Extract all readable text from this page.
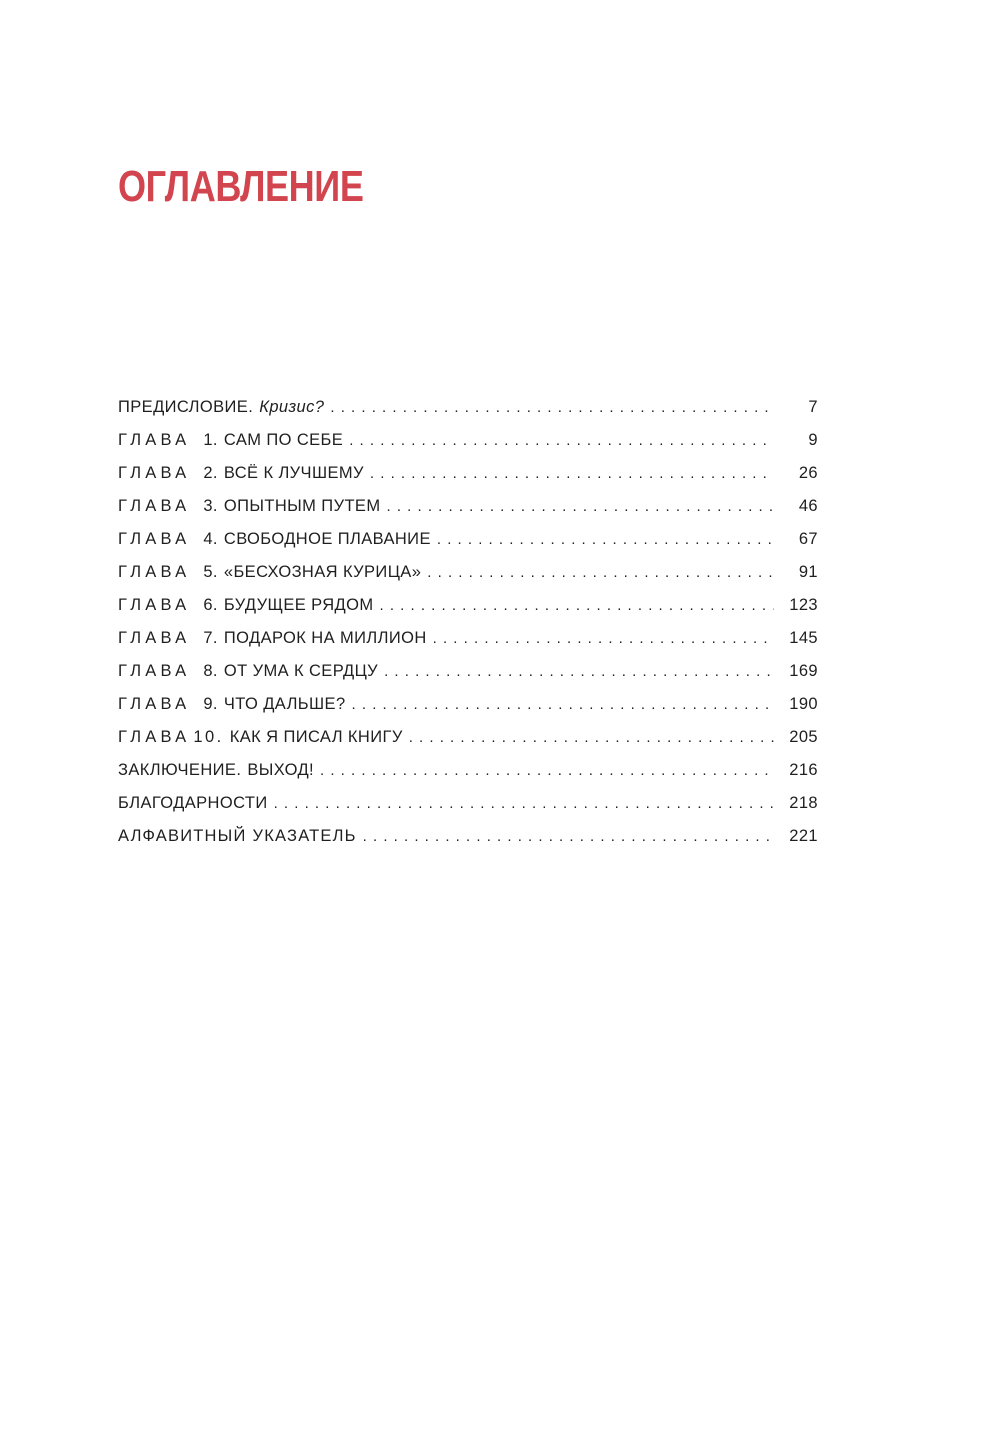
ОГЛАВЛЕНИЕ
ПРЕДИСЛОВИЕ. Кризис? . . .	7
ГЛАВА 1. САМ ПО СЕБЕ . . .	9
ГЛАВА 2. ВСЁ К ЛУЧШЕМУ . . .	26
ГЛАВА 3. ОПЫТНЫМ ПУТЕМ . . .	46
ГЛАВА 4. СВОБОДНОЕ ПЛАВАНИЕ . . .	67
ГЛАВА 5. «БЕСХОЗНАЯ КУРИЦА» . . .	91
ГЛАВА 6. БУДУЩЕЕ РЯДОМ . . .	123
ГЛАВА 7. ПОДАРОК НА МИЛЛИОН . . .	145
ГЛАВА 8. ОТ УМА К СЕРДЦУ . . .	169
ГЛАВА 9. ЧТО ДАЛЬШЕ? . . .	190
ГЛАВА 10. КАК Я ПИСАЛ КНИГУ . . .	205
ЗАКЛЮЧЕНИЕ. ВЫХОД! . . .	216
БЛАГОДАРНОСТИ . . .	218
АЛФАВИТНЫЙ УКАЗАТЕЛЬ . . .	221
